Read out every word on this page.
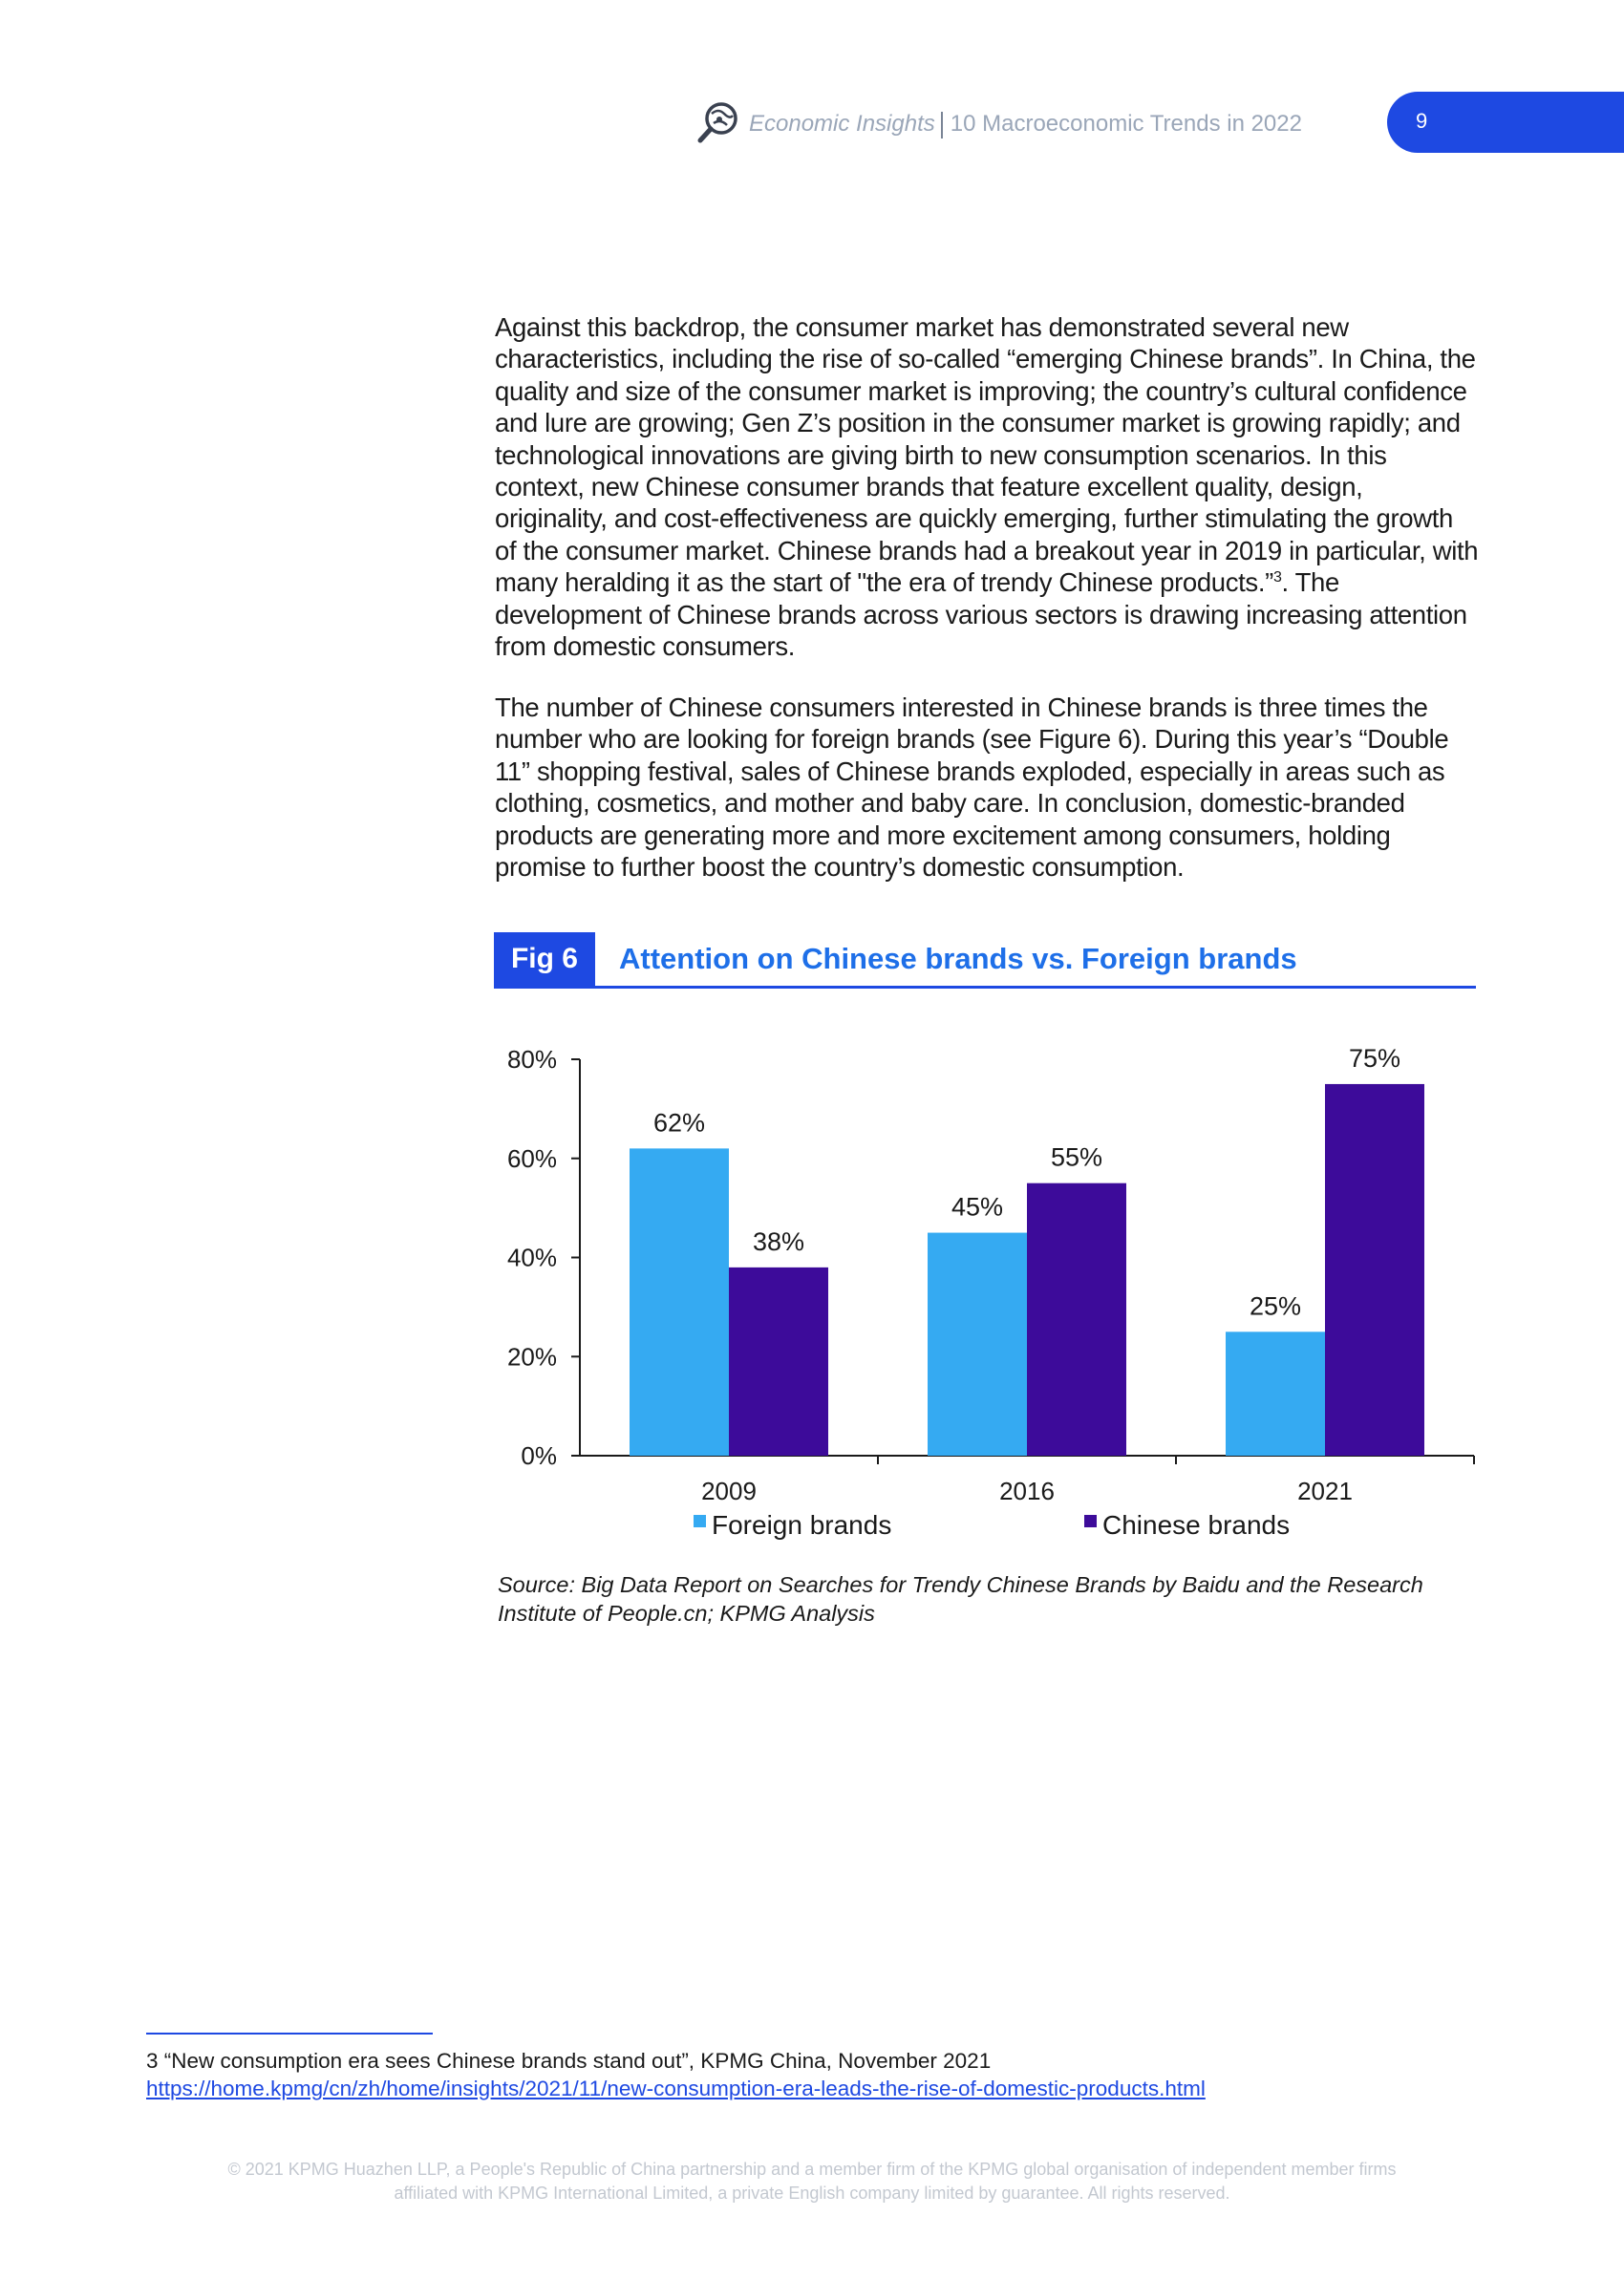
Economic Insights 10 Macroeconomic Trends in 2022	9
Against this backdrop, the consumer market has demonstrated several new characteristics, including the rise of so-called “emerging Chinese brands”. In China, the quality and size of the consumer market is improving; the country’s cultural confidence and lure are growing; Gen Z’s position in the consumer market is growing rapidly; and technological innovations are giving birth to new consumption scenarios. In this context, new Chinese consumer brands that feature excellent quality, design, originality, and cost-effectiveness are quickly emerging, further stimulating the growth of the consumer market. Chinese brands had a breakout year in 2019 in particular, with many heralding it as the start of "the era of trendy Chinese products.”$^3$. The development of Chinese brands across various sectors is drawing increasing attention from domestic consumers.
The number of Chinese consumers interested in Chinese brands is three times the number who are looking for foreign brands (see Figure 6). During this year’s “Double 11” shopping festival, sales of Chinese brands exploded, especially in areas such as clothing, cosmetics, and mother and baby care. In conclusion, domestic-branded products are generating more and more excitement among consumers, holding promise to further boost the country’s domestic consumption.
Fig 6	Attention on Chinese brands vs. Foreign brands
0%
20%
40%
60%
80%
2009
62%
38%
2016
45%
55%
2021
25%
75%
Foreign brands	Chinese brands
Source: Big Data Report on Searches for Trendy Chinese Brands by Baidu and the Research Institute of People.cn; KPMG Analysis
3 “New consumption era sees Chinese brands stand out”, KPMG China, November 2021
https://home.kpmg/cn/zh/home/insights/2021/11/new-consumption-era-leads-the-rise-of-domestic-products.html
© 2021 KPMG Huazhen LLP, a People's Republic of China partnership and a member firm of the KPMG global organisation of independent member firms
affiliated with KPMG International Limited, a private English company limited by guarantee. All rights reserved.
